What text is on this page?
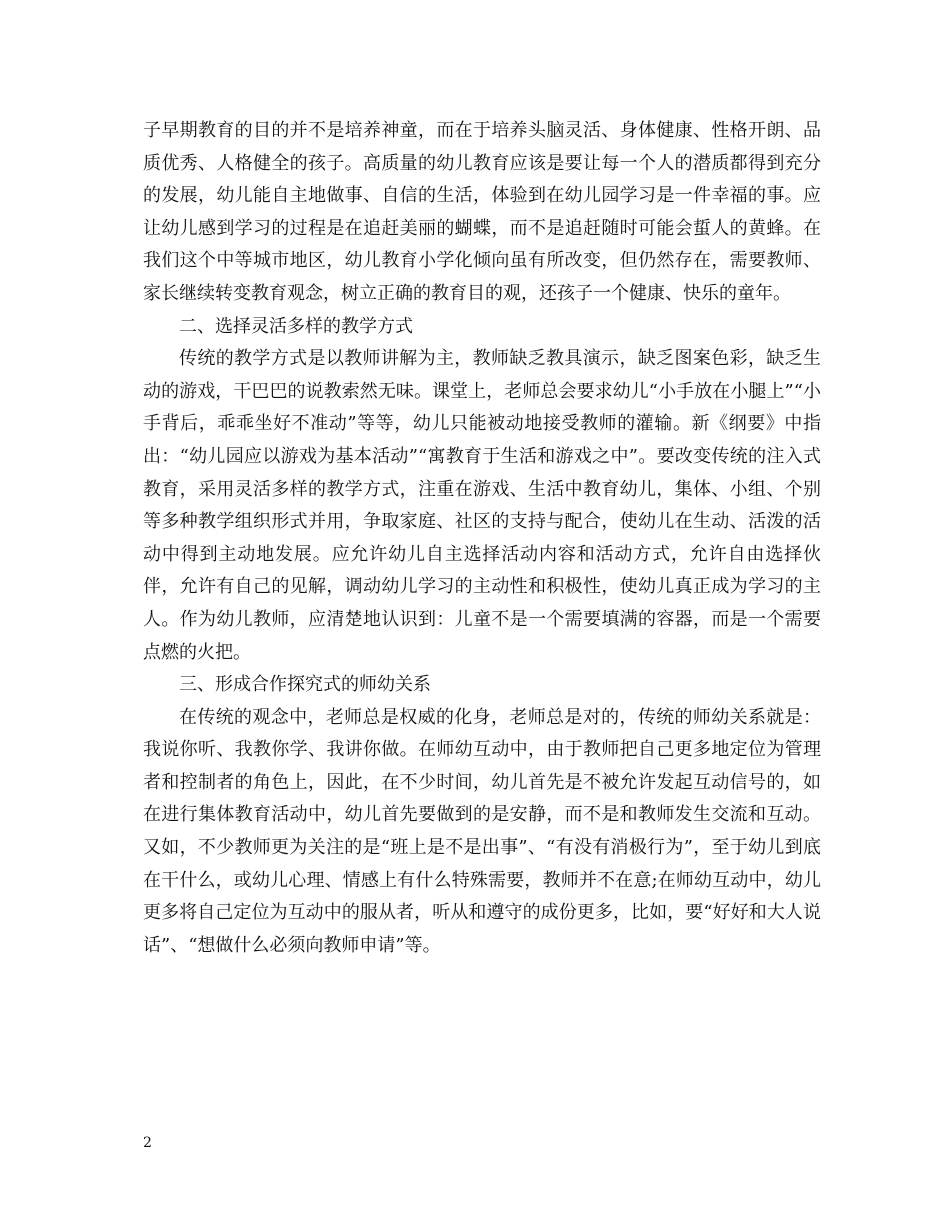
子早期教育的目的并不是培养神童，而在于培养头脑灵活、身体健康、性格开朗、品质优秀、人格健全的孩子。高质量的幼儿教育应该是要让每一个人的潜质都得到充分的发展，幼儿能自主地做事、自信的生活，体验到在幼儿园学习是一件幸福的事。应让幼儿感到学习的过程是在追赶美丽的蝴蝶，而不是追赶随时可能会蜇人的黄蜂。在我们这个中等城市地区，幼儿教育小学化倾向虽有所改变，但仍然存在，需要教师、家长继续转变教育观念，树立正确的教育目的观，还孩子一个健康、快乐的童年。

二、选择灵活多样的教学方式

传统的教学方式是以教师讲解为主，教师缺乏教具演示，缺乏图案色彩，缺乏生动的游戏，干巴巴的说教索然无味。课堂上，老师总会要求幼儿“小手放在小腿上”“小手背后，乖乖坐好不准动”等等，幼儿只能被动地接受教师的灌输。新《纲要》中指出：“幼儿园应以游戏为基本活动”“寓教育于生活和游戏之中”。要改变传统的注入式教育，采用灵活多样的教学方式，注重在游戏、生活中教育幼儿，集体、小组、个别等多种教学组织形式并用，争取家庭、社区的支持与配合，使幼儿在生动、活泼的活动中得到主动地发展。应允许幼儿自主选择活动内容和活动方式，允许自由选择伙伴，允许有自己的见解，调动幼儿学习的主动性和积极性，使幼儿真正成为学习的主人。作为幼儿教师，应清楚地认识到：儿童不是一个需要填满的容器，而是一个需要点燃的火把。

三、形成合作探究式的师幼关系

在传统的观念中，老师总是权威的化身，老师总是对的，传统的师幼关系就是：我说你听、我教你学、我讲你做。在师幼互动中，由于教师把自己更多地定位为管理者和控制者的角色上，因此，在不少时间，幼儿首先是不被允许发起互动信号的，如在进行集体教育活动中，幼儿首先要做到的是安静，而不是和教师发生交流和互动。又如，不少教师更为关注的是“班上是不是出事”、“有没有消极行为”，至于幼儿到底在干什么，或幼儿心理、情感上有什么特殊需要，教师并不在意;在师幼互动中，幼儿更多将自己定位为互动中的服从者，听从和遵守的成份更多，比如，要“好好和大人说话”、“想做什么必须向教师申请”等。

2
